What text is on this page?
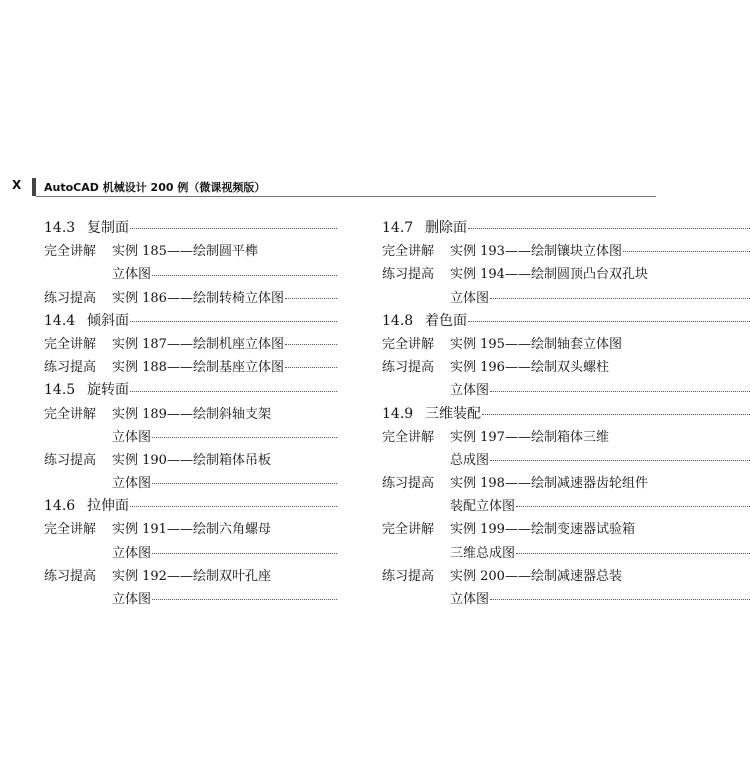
X AutoCAD 机械设计 200 例（微课视频版）
14.3 复制面
完全讲解	实例 185——绘制圆平榫
立体图
练习提高	实例 186——绘制转椅立体图
14.4 倾斜面
完全讲解	实例 187——绘制机座立体图
练习提高	实例 188——绘制基座立体图
14.5 旋转面
完全讲解	实例 189——绘制斜轴支架
立体图
练习提高	实例 190——绘制箱体吊板
立体图
14.6 拉伸面
完全讲解	实例 191——绘制六角螺母
立体图
练习提高	实例 192——绘制双叶孔座
立体图
14.7 删除面
完全讲解	实例 193——绘制镶块立体图
练习提高	实例 194——绘制圆顶凸台双孔块
立体图
14.8 着色面
完全讲解	实例 195——绘制轴套立体图
练习提高	实例 196——绘制双头螺柱
立体图
14.9 三维装配
完全讲解	实例 197——绘制箱体三维
总成图
练习提高	实例 198——绘制减速器齿轮组件
装配立体图
完全讲解	实例 199——绘制变速器试验箱
三维总成图
练习提高	实例 200——绘制减速器总装
立体图
